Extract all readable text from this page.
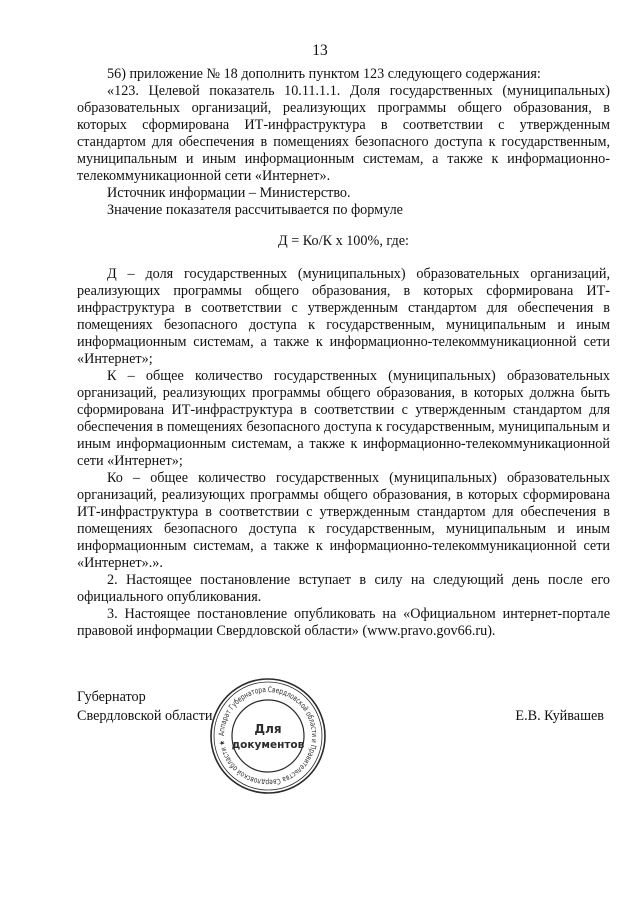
13

56) приложение № 18 дополнить пунктом 123 следующего содержания:

«123. Целевой показатель 10.11.1.1. Доля государственных (муниципальных) образовательных организаций, реализующих программы общего образования, в которых сформирована ИТ-инфраструктура в соответствии с утвержденным стандартом для обеспечения в помещениях безопасного доступа к государственным, муниципальным и иным информационным системам, а также к информационно-телекоммуникационной сети «Интернет».

Источник информации – Министерство.

Значение показателя рассчитывается по формуле

Д = Ко/К х 100%, где:

Д – доля государственных (муниципальных) образовательных организаций, реализующих программы общего образования, в которых сформирована ИТ-инфраструктура в соответствии с утвержденным стандартом для обеспечения в помещениях безопасного доступа к государственным, муниципальным и иным информационным системам, а также к информационно-телекоммуникационной сети «Интернет»;

К – общее количество государственных (муниципальных) образовательных организаций, реализующих программы общего образования, в которых должна быть сформирована ИТ-инфраструктура в соответствии с утвержденным стандартом для обеспечения в помещениях безопасного доступа к государственным, муниципальным и иным информационным системам, а также к информационно-телекоммуникационной сети «Интернет»;

Ко – общее количество государственных (муниципальных) образовательных организаций, реализующих программы общего образования, в которых сформирована ИТ-инфраструктура в соответствии с утвержденным стандартом для обеспечения в помещениях безопасного доступа к государственным, муниципальным и иным информационным системам, а также к информационно-телекоммуникационной сети «Интернет».».

2. Настоящее постановление вступает в силу на следующий день после его официального опубликования.

3. Настоящее постановление опубликовать на «Официальном интернет-портале правовой информации Свердловской области» (www.pravo.gov66.ru).

Губернатор
Свердловской области	Е.В. Куйвашев
Аппарат Губернатора Свердловской области и Правительства Свердловской области ★
Для
документов
